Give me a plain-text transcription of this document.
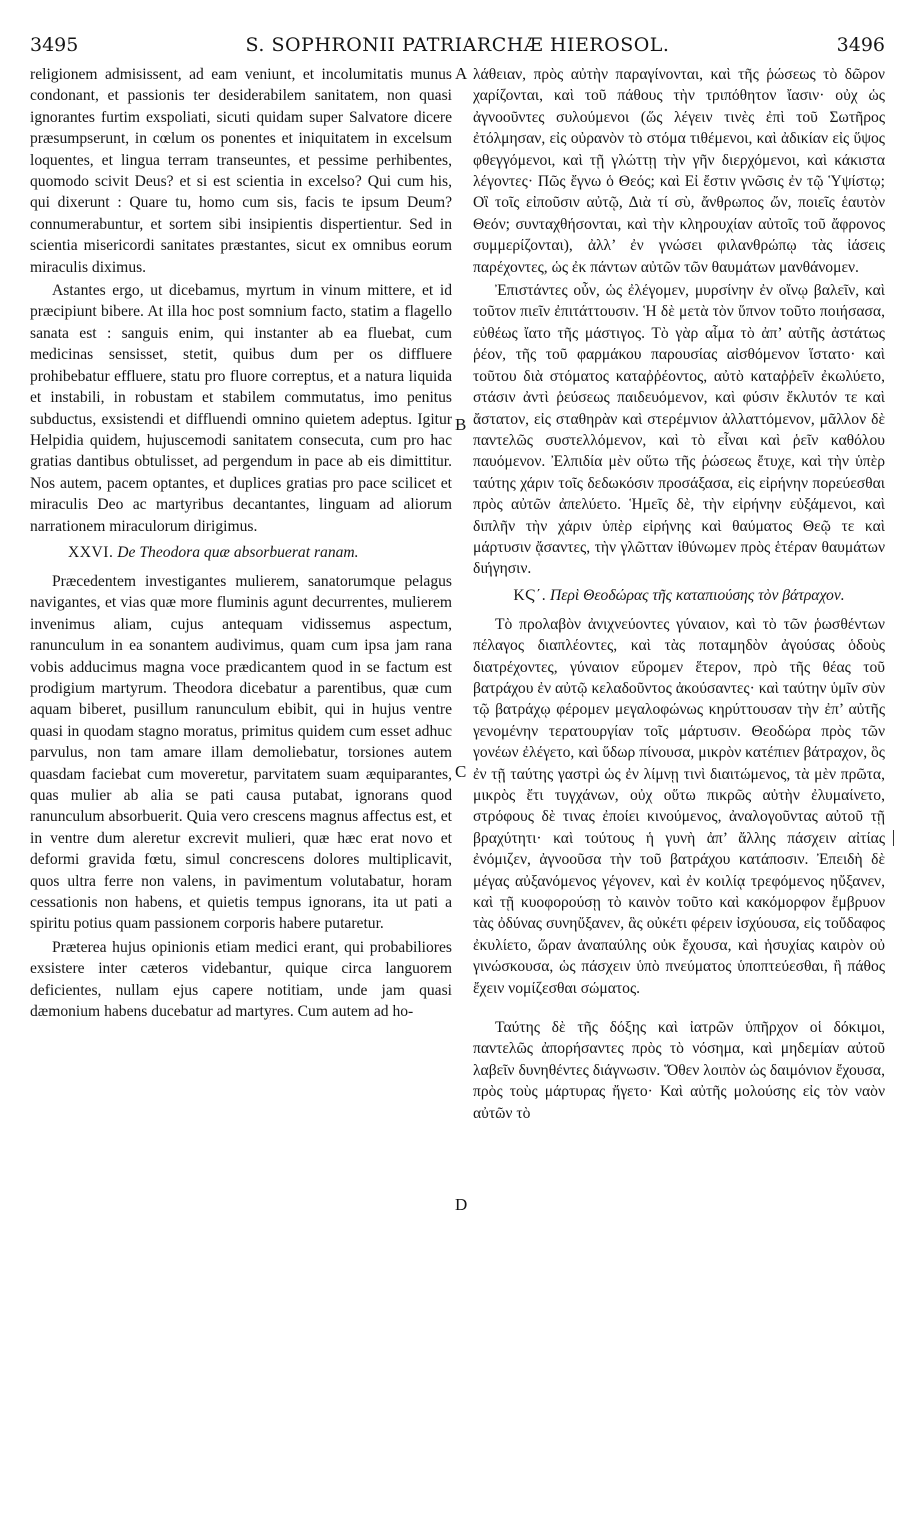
3495	S. SOPHRONII PATRIARCHÆ HIEROSOL.	3496

religionem admisissent, ad eam veniunt, et incolumitatis munus condonant, et passionis ter desiderabilem sanitatem, non quasi ignorantes furtim exspoliati, sicuti quidam super Salvatore dicere præsumpserunt, in cœlum os ponentes et iniquitatem in excelsum loquentes, et lingua terram transeuntes, et pessime perhibentes, quomodo scivit Deus? et si est scientia in excelso? Qui cum his, qui dixerunt : Quare tu, homo cum sis, facis te ipsum Deum? connumerabuntur, et sortem sibi insipientis dispertientur. Sed in scientia misericordi sanitates præstantes, sicut ex omnibus eorum miraculis diximus.

Astantes ergo, ut dicebamus, myrtum in vinum mittere, et id præcipiunt bibere. At illa hoc post somnium facto, statim a flagello sanata est : sanguis enim, qui instanter ab ea fluebat, cum medicinas sensisset, stetit, quibus dum per os diffluere prohibebatur effluere, statu pro fluore correptus, et a natura liquida et instabili, in robustam et stabilem commutatus, imo penitus subductus, exsistendi et diffluendi omnino quietem adeptus. Igitur Helpidia quidem, hujuscemodi sanitatem consecuta, cum pro hac gratias dantibus obtulisset, ad pergendum in pace ab eis dimittitur. Nos autem, pacem optantes, et duplices gratias pro pace scilicet et miraculis Deo ac martyribus decantantes, linguam ad aliorum narrationem miraculorum dirigimus.

XXVI. De Theodora quæ absorbuerat ranam.

Præcedentem investigantes mulierem, sanatorumque pelagus navigantes, et vias quæ more fluminis agunt decurrentes, mulierem invenimus aliam, cujus antequam vidissemus aspectum, ranunculum in ea sonantem audivimus, quam cum ipsa jam rana vobis adducimus magna voce prædicantem quod in se factum est prodigium martyrum. Theodora dicebatur a parentibus, quæ cum aquam biberet, pusillum ranunculum ebibit, qui in hujus ventre quasi in quodam stagno moratus, primitus quidem cum esset adhuc parvulus, non tam amare illam demoliebatur, torsiones autem quasdam faciebat cum moveretur, parvitatem suam æquiparantes, quas mulier ab alia se pati causa putabat, ignorans quod ranunculum absorbuerit. Quia vero crescens magnus affectus est, et in ventre dum aleretur excrevit mulieri, quæ hæc erat novo et deformi gravida fœtu, simul concrescens dolores multiplicavit, quos ultra ferre non valens, in pavimentum volutabatur, horam cessationis non habens, et quietis tempus ignorans, ita ut pati a spiritu potius quam passionem corporis habere putaretur.

Præterea hujus opinionis etiam medici erant, qui probabiliores exsistere inter cæteros videbantur, quique circa languorem deficientes, nullam ejus capere notitiam, unde jam quasi dæmonium habens ducebatur ad martyres. Cum autem ad ho-

A
B
C
D

λάθειαν, πρὸς αὐτὴν παραγίνονται, καὶ τῆς ῥώσεως τὸ δῶρον χαρίζονται, καὶ τοῦ πάθους τὴν τριπόθητον ἴασιν· οὐχ ὡς ἀγνοοῦντες συλούμενοι (ὥς λέγειν τινὲς ἐπὶ τοῦ Σωτῆρος ἐτόλμησαν, εἰς οὐρανὸν τὸ στόμα τιθέμενοι, καὶ ἀδικίαν εἰς ὕψος φθεγγόμενοι, καὶ τῇ γλώττῃ τὴν γῆν διερχόμενοι, καὶ κάκιστα λέγοντες· Πῶς ἔγνω ὁ Θεός; καὶ Εἰ ἔστιν γνῶσις ἐν τῷ Ὑψίστῳ; Οἳ τοῖς εἰποῦσιν αὐτῷ, Διὰ τί σὺ, ἄνθρωπος ὤν, ποιεῖς ἑαυτὸν Θεόν; συνταχθήσονται, καὶ τὴν κληρουχίαν αὐτοῖς τοῦ ἄφρονος συμμερίζονται), ἀλλ’ ἐν γνώσει φιλανθρώπῳ τὰς ἰάσεις παρέχοντες, ὡς ἐκ πάντων αὐτῶν τῶν θαυμάτων μανθάνομεν.

Ἐπιστάντες οὖν, ὡς ἐλέγομεν, μυρσίνην ἐν οἴνῳ βαλεῖν, καὶ τοῦτον πιεῖν ἐπιτάττουσιν. Ἡ δὲ μετὰ τὸν ὕπνον τοῦτο ποιήσασα, εὐθέως ἴατο τῆς μάστιγος. Τὸ γὰρ αἷμα τὸ ἀπ’ αὐτῆς ἀστάτως ῥέον, τῆς τοῦ φαρμάκου παρουσίας αἰσθόμενον ἵστατο· καὶ τοῦτου διὰ στόματος καταῤῥέοντος, αὐτὸ καταῤῥεῖν ἐκωλύετο, στάσιν ἀντὶ ῥεύσεως παιδευόμενον, καὶ φύσιν ἔκλυτόν τε καὶ ἄστατον, εἰς σταθηρὰν καὶ στερέμνιον ἀλλαττόμενον, μᾶλλον δὲ παντελῶς συστελλόμενον, καὶ τὸ εἶναι καὶ ῥεῖν καθόλου παυόμενον. Ἐλπιδία μὲν οὕτω τῆς ῥώσεως ἔτυχε, καὶ τὴν ὑπὲρ ταύτης χάριν τοῖς δεδωκόσιν προσάξασα, εἰς εἰρήνην πορεύεσθαι πρὸς αὐτῶν ἀπελύετο. Ἡμεῖς δὲ, τὴν εἰρήνην εὐξάμενοι, καὶ διπλῆν τὴν χάριν ὑπὲρ εἰρήνης καὶ θαύματος Θεῷ τε καὶ μάρτυσιν ᾄσαντες, τὴν γλῶτταν ἰθύνωμεν πρὸς ἑτέραν θαυμάτων διήγησιν.

ΚϚ΄. Περὶ Θεοδώρας τῆς καταπιούσης τὸν βάτραχον.

Τὸ προλαβὸν ἀνιχνεύοντες γύναιον, καὶ τὸ τῶν ῥωσθέντων πέλαγος διαπλέοντες, καὶ τὰς ποταμηδὸν ἀγούσας ὁδοὺς διατρέχοντες, γύναιον εὕρομεν ἕτερον, πρὸ τῆς θέας τοῦ βατράχου ἐν αὐτῷ κελαδοῦντος ἀκούσαντες· καὶ ταύτην ὑμῖν σὺν τῷ βατράχῳ φέρομεν μεγαλοφώνως κηρύττουσαν τὴν ἐπ’ αὐτῆς γενομένην τερατουργίαν τοῖς μάρτυσιν. Θεοδώρα πρὸς τῶν γονέων ἐλέγετο, καὶ ὕδωρ πίνουσα, μικρὸν κατέπιεν βάτραχον, ὃς ἐν τῇ ταύτης γαστρὶ ὡς ἐν λίμνῃ τινὶ διαιτώμενος, τὰ μὲν πρῶτα, μικρὸς ἔτι τυγχάνων, οὐχ οὕτω πικρῶς αὐτὴν ἐλυμαίνετο, στρόφους δὲ τινας ἐποίει κινούμενος, ἀναλογοῦντας αὐτοῦ τῇ βραχύτητι· καὶ τούτους ἡ γυνὴ ἀπ’ ἄλλης πάσχειν αἰτίας ἐνόμιζεν, ἀγνοοῦσα τὴν τοῦ βατράχου κατάποσιν. Ἐπειδὴ δὲ μέγας αὐξανόμενος γέγονεν, καὶ ἐν κοιλίᾳ τρεφόμενος ηὔξανεν, καὶ τῇ κυοφορούσῃ τὸ καινὸν τοῦτο καὶ κακόμορφον ἔμβρυον τὰς ὀδύνας συνηὔξανεν, ἃς οὐκέτι φέρειν ἰσχύουσα, εἰς τοὔδαφος ἐκυλίετο, ὥραν ἀναπαύλης οὐκ ἔχουσα, καὶ ἡσυχίας καιρὸν οὐ γινώσκουσα, ὡς πάσχειν ὑπὸ πνεύματος ὑποπτεύεσθαι, ἢ πάθος ἔχειν νομίζεσθαι σώματος.

Ταύτης δὲ τῆς δόξης καὶ ἰατρῶν ὑπῆρχον οἱ δόκιμοι, παντελῶς ἀπορήσαντες πρὸς τὸ νόσημα, καὶ μηδεμίαν αὐτοῦ λαβεῖν δυνηθέντες διάγνωσιν. Ὅθεν λοιπὸν ὡς δαιμόνιον ἔχουσα, πρὸς τοὺς μάρτυρας ἤγετο· Καὶ αὐτῆς μολούσης εἰς τὸν ναὸν αὐτῶν τὸ
